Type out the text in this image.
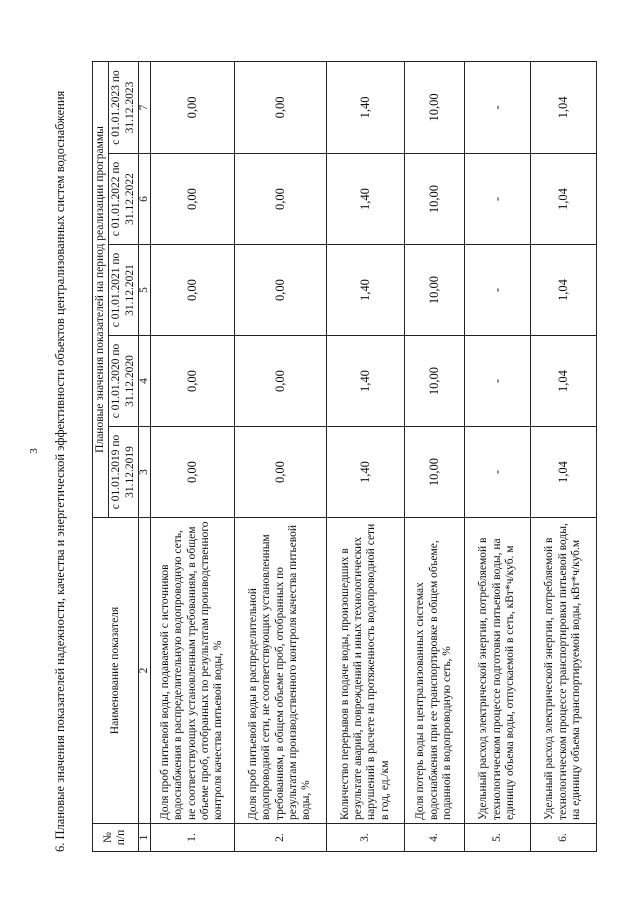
3 6. Плановые значения показателей надежности, качества и энергетической эффективности объектов централизованных систем водоснабжения	№ п/п	Наименование показателя	Плановые значения показателей на период реализации программы				
		с 01.01.2019 по 31.12.2019	с 01.01.2020 по 31.12.2020	с 01.01.2021 по 31.12.2021	с 01.01.2022 по 31.12.2022	с 01.01.2023 по 31.12.2023
1	2	3	4	5	6	7
1.	Доля проб питьевой воды, подаваемой с источников водоснабжения в распределительную водопроводную сеть, не соответствующих установленным требованиям, в общем объеме проб, отобранных по результатам производственного контроля качества питьевой воды, %	0,00	0,00	0,00	0,00	0,00
2.	Доля проб питьевой воды в распределительной водопроводной сети, не соответствующих установленным требованиям, в общем объеме проб, отобранных по результатам производственного контроля качества питьевой воды, %	0,00	0,00	0,00	0,00	0,00
3.	Количество перерывов в подаче воды, произошедших в результате аварий, повреждений и иных технологических нарушений в расчете на протяженность водопроводной сети в год, ед./км	1,40	1,40	1,40	1,40	1,40
4.	Доля потерь воды в централизованных системах водоснабжения при ее транспортировке в общем объеме, поданной в водопроводную сеть, %	10,00	10,00	10,00	10,00	10,00
5.	Удельный расход электрической энергии, потребляемой в технологическом процессе подготовки питьевой воды, на единицу объема воды, отпускаемой в сеть, кВт*ч/куб. м	-	-	-	-	-
6.	Удельный расход электрической энергии, потребляемой в технологическом процессе транспортировки питьевой воды, на единицу объема транспортируемой воды, кВт*ч/куб.м	1,04	1,04	1,04	1,04	1,04
